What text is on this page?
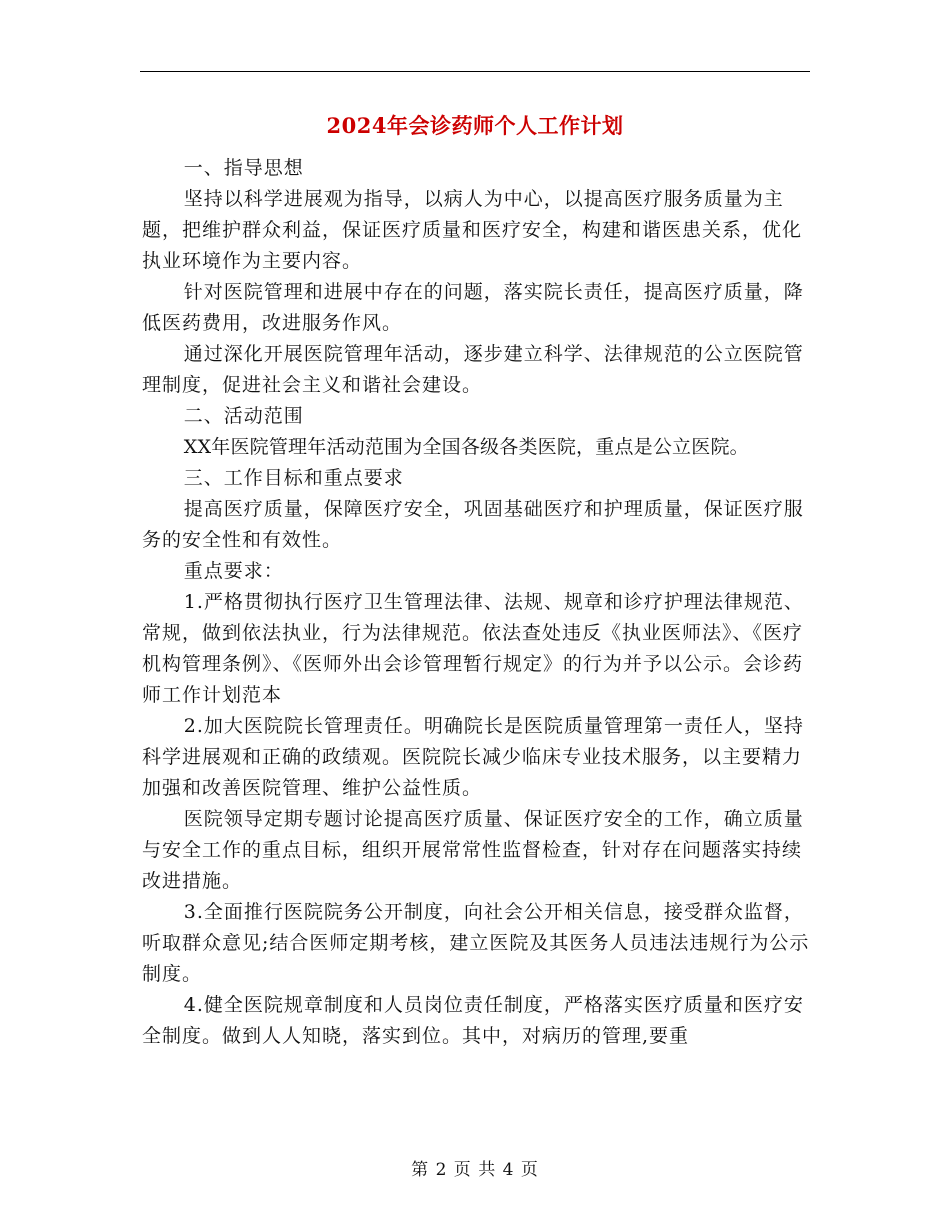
2024年会诊药师个人工作计划

一、指导思想

坚持以科学进展观为指导，以病人为中心，以提高医疗服务质量为主题，把维护群众利益，保证医疗质量和医疗安全，构建和谐医患关系，优化执业环境作为主要内容。

针对医院管理和进展中存在的问题，落实院长责任，提高医疗质量，降低医药费用，改进服务作风。

通过深化开展医院管理年活动，逐步建立科学、法律规范的公立医院管理制度，促进社会主义和谐社会建设。

二、活动范围

XX年医院管理年活动范围为全国各级各类医院，重点是公立医院。

三、工作目标和重点要求

提高医疗质量，保障医疗安全，巩固基础医疗和护理质量，保证医疗服务的安全性和有效性。

重点要求：

1.严格贯彻执行医疗卫生管理法律、法规、规章和诊疗护理法律规范、常规，做到依法执业，行为法律规范。依法查处违反《执业医师法》、《医疗机构管理条例》、《医师外出会诊管理暂行规定》的行为并予以公示。会诊药师工作计划范本

2.加大医院院长管理责任。明确院长是医院质量管理第一责任人，坚持科学进展观和正确的政绩观。医院院长减少临床专业技术服务，以主要精力加强和改善医院管理、维护公益性质。

医院领导定期专题讨论提高医疗质量、保证医疗安全的工作，确立质量与安全工作的重点目标，组织开展常常性监督检查，针对存在问题落实持续改进措施。

3.全面推行医院院务公开制度，向社会公开相关信息，接受群众监督，听取群众意见;结合医师定期考核，建立医院及其医务人员违法违规行为公示制度。

4.健全医院规章制度和人员岗位责任制度，严格落实医疗质量和医疗安全制度。做到人人知晓，落实到位。其中，对病历的管理,要重

第 2 页 共 4 页
